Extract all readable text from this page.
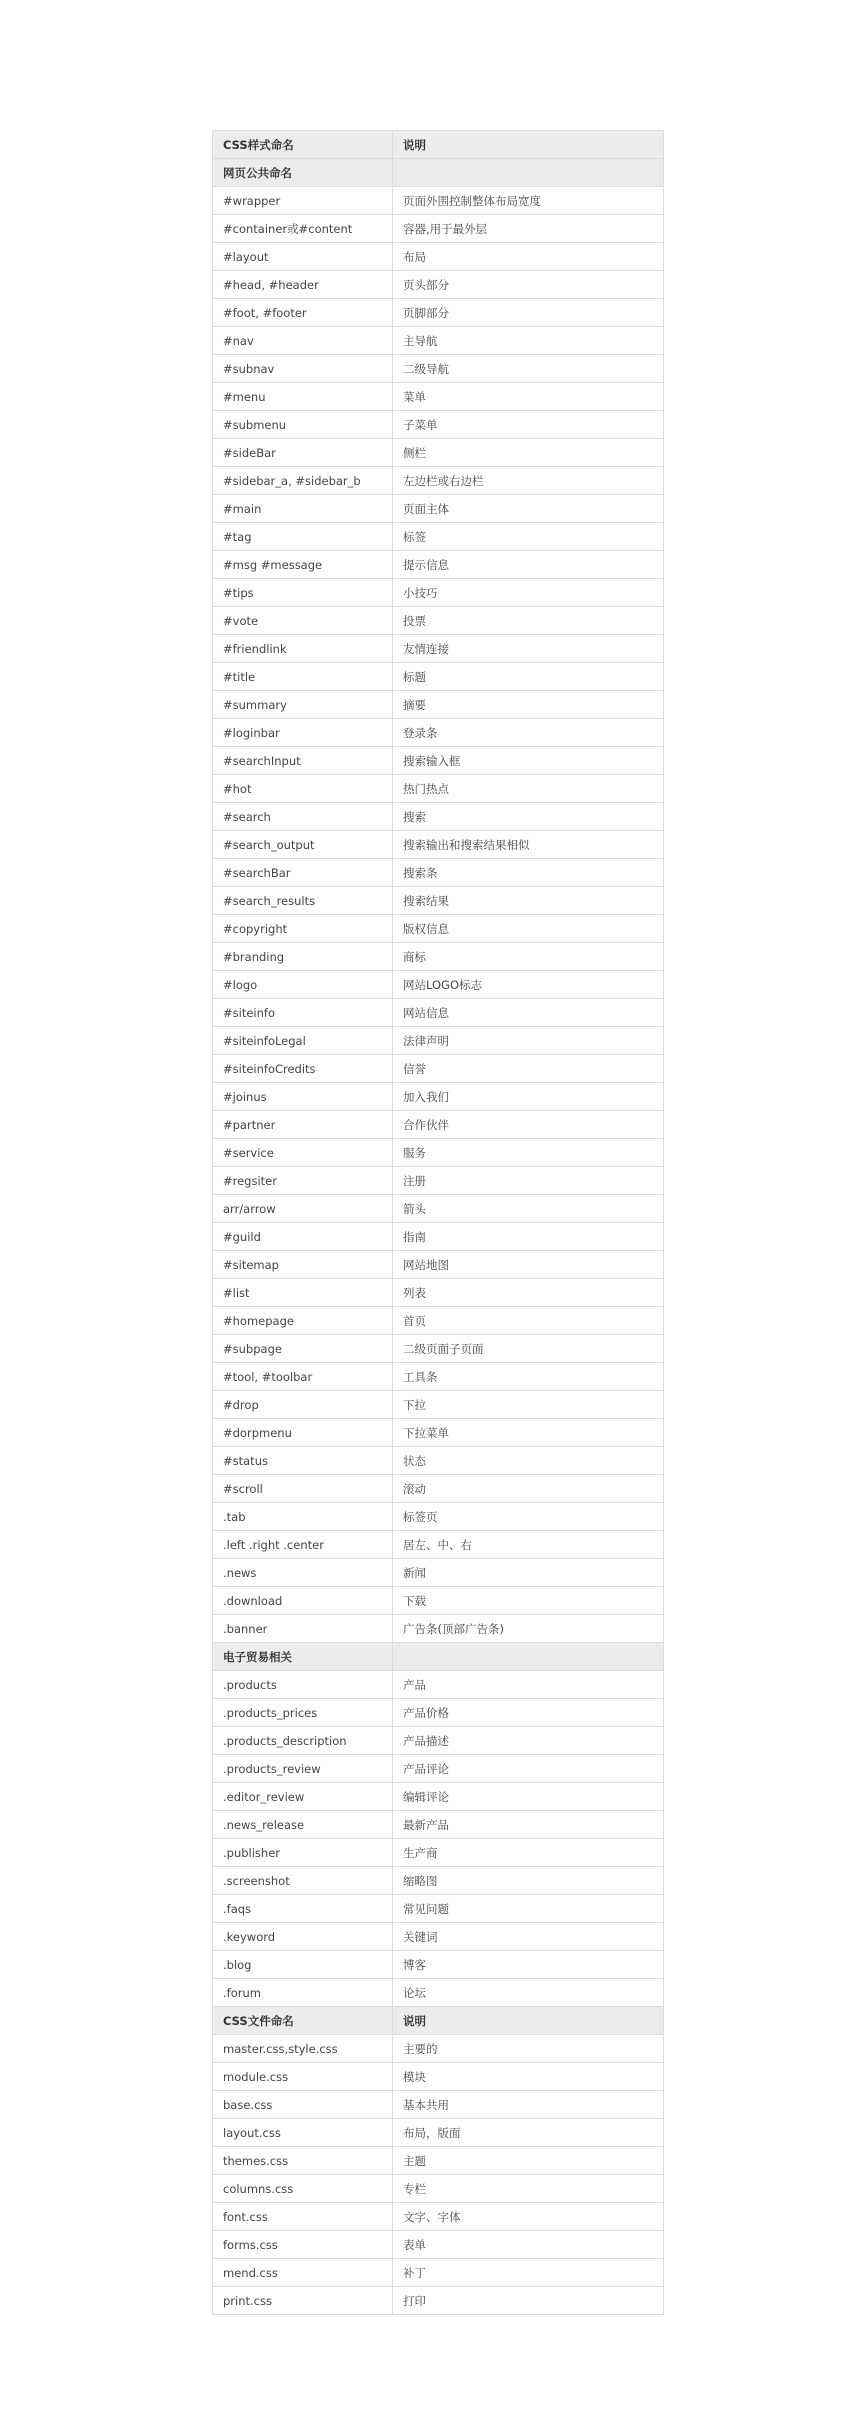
CSS样式命名	说明
网页公共命名	
#wrapper	页面外围控制整体布局宽度
#container或#content	容器,用于最外层
#layout	布局
#head, #header	页头部分
#foot, #footer	页脚部分
#nav	主导航
#subnav	二级导航
#menu	菜单
#submenu	子菜单
#sideBar	侧栏
#sidebar_a, #sidebar_b	左边栏或右边栏
#main	页面主体
#tag	标签
#msg #message	提示信息
#tips	小技巧
#vote	投票
#friendlink	友情连接
#title	标题
#summary	摘要
#loginbar	登录条
#searchInput	搜索输入框
#hot	热门热点
#search	搜索
#search_output	搜索输出和搜索结果相似
#searchBar	搜索条
#search_results	搜索结果
#copyright	版权信息
#branding	商标
#logo	网站LOGO标志
#siteinfo	网站信息
#siteinfoLegal	法律声明
#siteinfoCredits	信誉
#joinus	加入我们
#partner	合作伙伴
#service	服务
#regsiter	注册
arr/arrow	箭头
#guild	指南
#sitemap	网站地图
#list	列表
#homepage	首页
#subpage	二级页面子页面
#tool, #toolbar	工具条
#drop	下拉
#dorpmenu	下拉菜单
#status	状态
#scroll	滚动
.tab	标签页
.left .right .center	居左、中、右
.news	新闻
.download	下载
.banner	广告条(顶部广告条)
电子贸易相关	
.products	产品
.products_prices	产品价格
.products_description	产品描述
.products_review	产品评论
.editor_review	编辑评论
.news_release	最新产品
.publisher	生产商
.screenshot	缩略图
.faqs	常见问题
.keyword	关键词
.blog	博客
.forum	论坛
CSS文件命名	说明
master.css,style.css	主要的
module.css	模块
base.css	基本共用
layout.css	布局，版面
themes.css	主题
columns.css	专栏
font.css	文字、字体
forms.css	表单
mend.css	补丁
print.css	打印
